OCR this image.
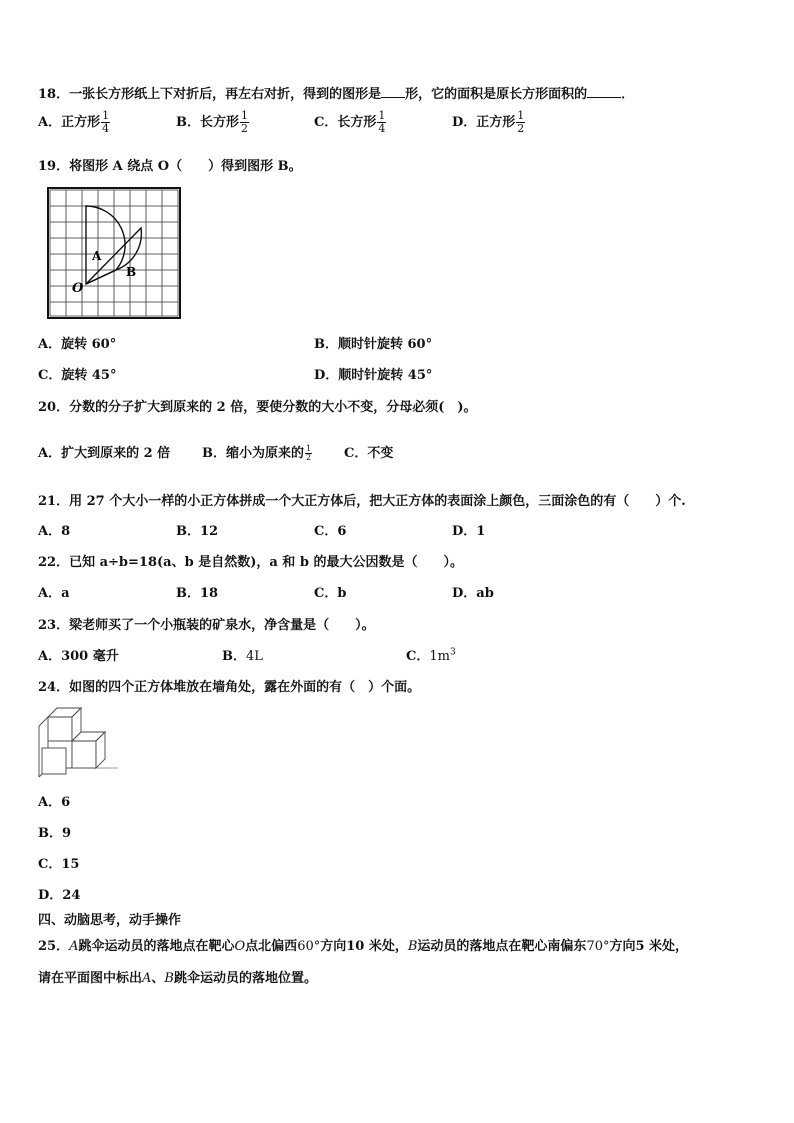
18．一张长方形纸上下对折后，再左右对折，得到的图形是 形，它的面积是原长方形面积的	．
A．正方形 $\frac{1}{4}$	B．长方形 $\frac{1}{2}$	C．长方形 $\frac{1}{4}$	D．正方形 $\frac{1}{2}$
19．将图形 A 绕点 O（　　）得到图形 B。
A
B
O
A．旋转 60°	B．顺时针旋转 60°
C．旋转 45°	D．顺时针旋转 45°
20．分数的分子扩大到原来的 2 倍，要使分数的大小不变，分母必须(　)。
A．扩大到原来的 2 倍 B．缩小为原来的 $\frac{1}{2}$ C．不变
21．用 27 个大小一样的小正方体拼成一个大正方体后，把大正方体的表面涂上颜色，三面涂色的有（　　）个.
A．8	B．12	C．6	D．1
22．已知 a÷b=18(a、b 是自然数)，a 和 b 的最大公因数是（　　）。
A．a	B．18	C．b	D．ab
23．梁老师买了一个小瓶装的矿泉水，净含量是（　　）。
A．300 毫升	B．4L	C．$1m^3$
24．如图的四个正方体堆放在墙角处，露在外面的有（　）个面。
A．6
B．9
C．15
D．24
四、动脑思考，动手操作
25．A跳伞运动员的落地点在靶心O点北偏西60°方向10 米处，B运动员的落地点在靶心南偏东70°方向5 米处，
请在平面图中标出A、B跳伞运动员的落地位置。
